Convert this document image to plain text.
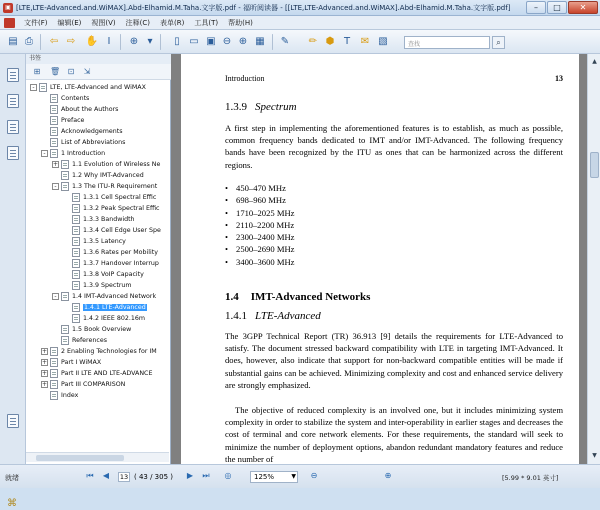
▣ [LTE,LTE-Advanced.and.WiMAX].Abd-Elhamid.M.Taha.文字版.pdf - 福昕阅读器 - [[LTE,LTE-Advanced.and.WiMAX].Abd-Elhamid.M.Taha.文字版.pdf]	–	□	✕
文件(F)	编辑(E)	视图(V)	注释(C)	表单(R)	工具(T)	帮助(H)
▤ ⎙	⇦ ⇨ ✋ I	⊕ ▾	▯ ▭ ▣ ⊖ ⊕ ▦ ✎ ✏ ⬢ T	✉ ▧	查找	⌕
⌘
书签
⊞ 🗑 ⊡ ⇲
-	LTE, LTE-Advanced and WiMAX
Contents
About the Authors
Preface
Acknowledgements
List of Abbreviations
-	1 Introduction
+ 1.1 Evolution of Wireless Ne
1.2 Why IMT-Advanced
-	1.3 The ITU-R Requirement
1.3.1 Cell Spectral Effic
1.3.2 Peak Spectral Effic
1.3.3 Bandwidth
1.3.4 Cell Edge User Spe
1.3.5 Latency
1.3.6 Rates per Mobility
1.3.7 Handover Interrup
1.3.8 VoIP Capacity
1.3.9 Spectrum
-	1.4 IMT-Advanced Network
1.4.1 LTE-Advanced
1.4.2 IEEE 802.16m
1.5 Book Overview
References
+ 2 Enabling Technologies for IM
+ Part I WiMAX
+ Part II LTE AND LTE-ADVANCE
+ Part III COMPARISON
Index
Introduction	13
1.3.9 Spectrum
A first step in implementing the aforementioned features is to establish, as much as possible, common frequency bands dedicated to IMT and/or IMT-Advanced. The following frequency bands have been recognized by the ITU as ones that can be harmonized across the different regions.
• 450–470 MHz
• 698–960 MHz
• 1710–2025 MHz
• 2110–2200 MHz
• 2300–2400 MHz
• 2500–2690 MHz
• 3400–3600 MHz
1.4 IMT-Advanced Networks
1.4.1 LTE-Advanced
The 3GPP Technical Report (TR) 36.913 [9] details the requirements for LTE-Advanced to satisfy. The document stressed backward compatibility with LTE in targeting IMT-Advanced. It does, however, also indicate that support for non-backward compatible entities will be made if substantial gains can be achieved. Minimizing complexity and cost and enhanced service delivery are strongly emphasized.
The objective of reduced complexity is an involved one, but it includes minimizing system complexity in order to stabilize the system and inter-operability in earlier stages and decreases the cost of terminal and core network elements. For these requirements, the standard will seek to minimize the number of deployment options, abandon redundant mandatory features and reduce the number of
▲
▼
就绪	⏮	◀	13 ( 43 / 305 )	▶	⏭	◎	125%	▼	⊖	⊕	[5.99 * 9.01 英寸]
